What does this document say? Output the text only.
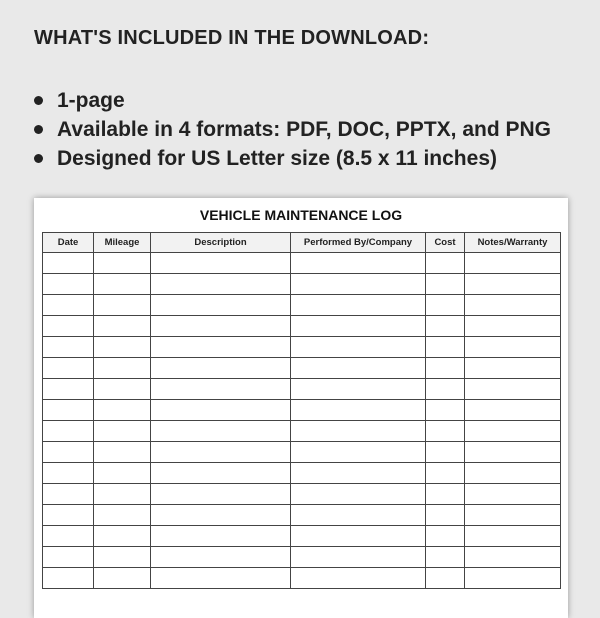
WHAT'S INCLUDED IN THE DOWNLOAD:
1-page
Available in 4 formats: PDF, DOC, PPTX, and PNG
Designed for US Letter size (8.5 x 11 inches)
VEHICLE MAINTENANCE LOG
Date	Mileage	Description	Performed By/Company	Cost	Notes/Warranty
